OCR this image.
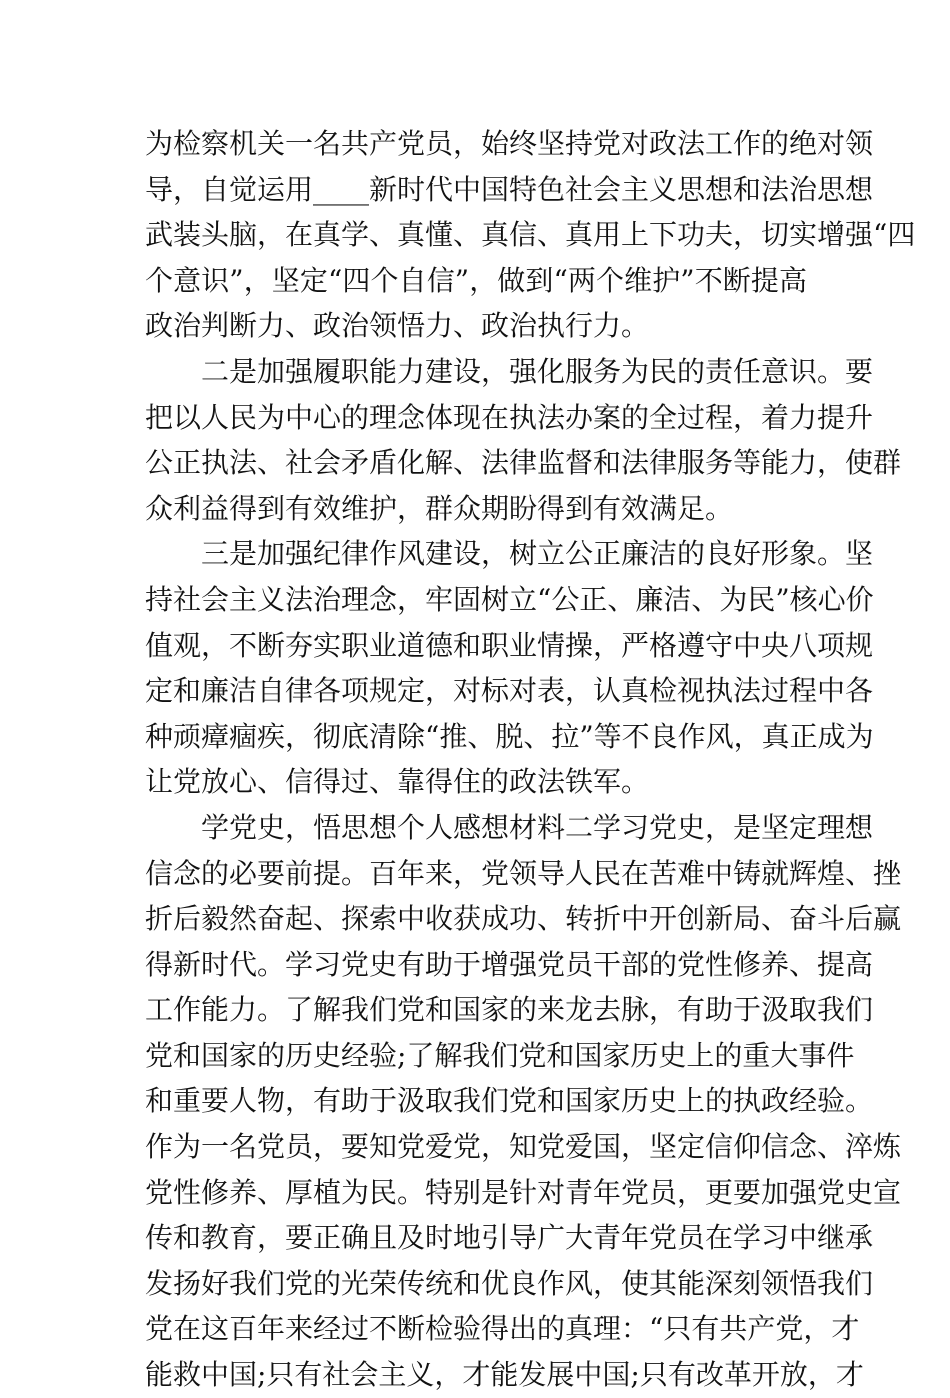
为检察机关一名共产党员，始终坚持党对政法工作的绝对领
导，自觉运用____新时代中国特色社会主义思想和法治思想
武装头脑，在真学、真懂、真信、真用上下功夫，切实增强“四
个意识”，坚定“四个自信”，做到“两个维护”不断提高
政治判断力、政治领悟力、政治执行力。
　　二是加强履职能力建设，强化服务为民的责任意识。要
把以人民为中心的理念体现在执法办案的全过程，着力提升
公正执法、社会矛盾化解、法律监督和法律服务等能力，使群
众利益得到有效维护，群众期盼得到有效满足。
　　三是加强纪律作风建设，树立公正廉洁的良好形象。坚
持社会主义法治理念，牢固树立“公正、廉洁、为民”核心价
值观，不断夯实职业道德和职业情操，严格遵守中央八项规
定和廉洁自律各项规定，对标对表，认真检视执法过程中各
种顽瘴痼疾，彻底清除“推、脱、拉”等不良作风，真正成为
让党放心、信得过、靠得住的政法铁军。
　　学党史，悟思想个人感想材料二学习党史，是坚定理想
信念的必要前提。百年来，党领导人民在苦难中铸就辉煌、挫
折后毅然奋起、探索中收获成功、转折中开创新局、奋斗后赢
得新时代。学习党史有助于增强党员干部的党性修养、提高
工作能力。了解我们党和国家的来龙去脉，有助于汲取我们
党和国家的历史经验;了解我们党和国家历史上的重大事件
和重要人物，有助于汲取我们党和国家历史上的执政经验。
作为一名党员，要知党爱党，知党爱国，坚定信仰信念、淬炼
党性修养、厚植为民。特别是针对青年党员，更要加强党史宣
传和教育，要正确且及时地引导广大青年党员在学习中继承
发扬好我们党的光荣传统和优良作风，使其能深刻领悟我们
党在这百年来经过不断检验得出的真理：“只有共产党，才
能救中国;只有社会主义，才能发展中国;只有改革开放，才
